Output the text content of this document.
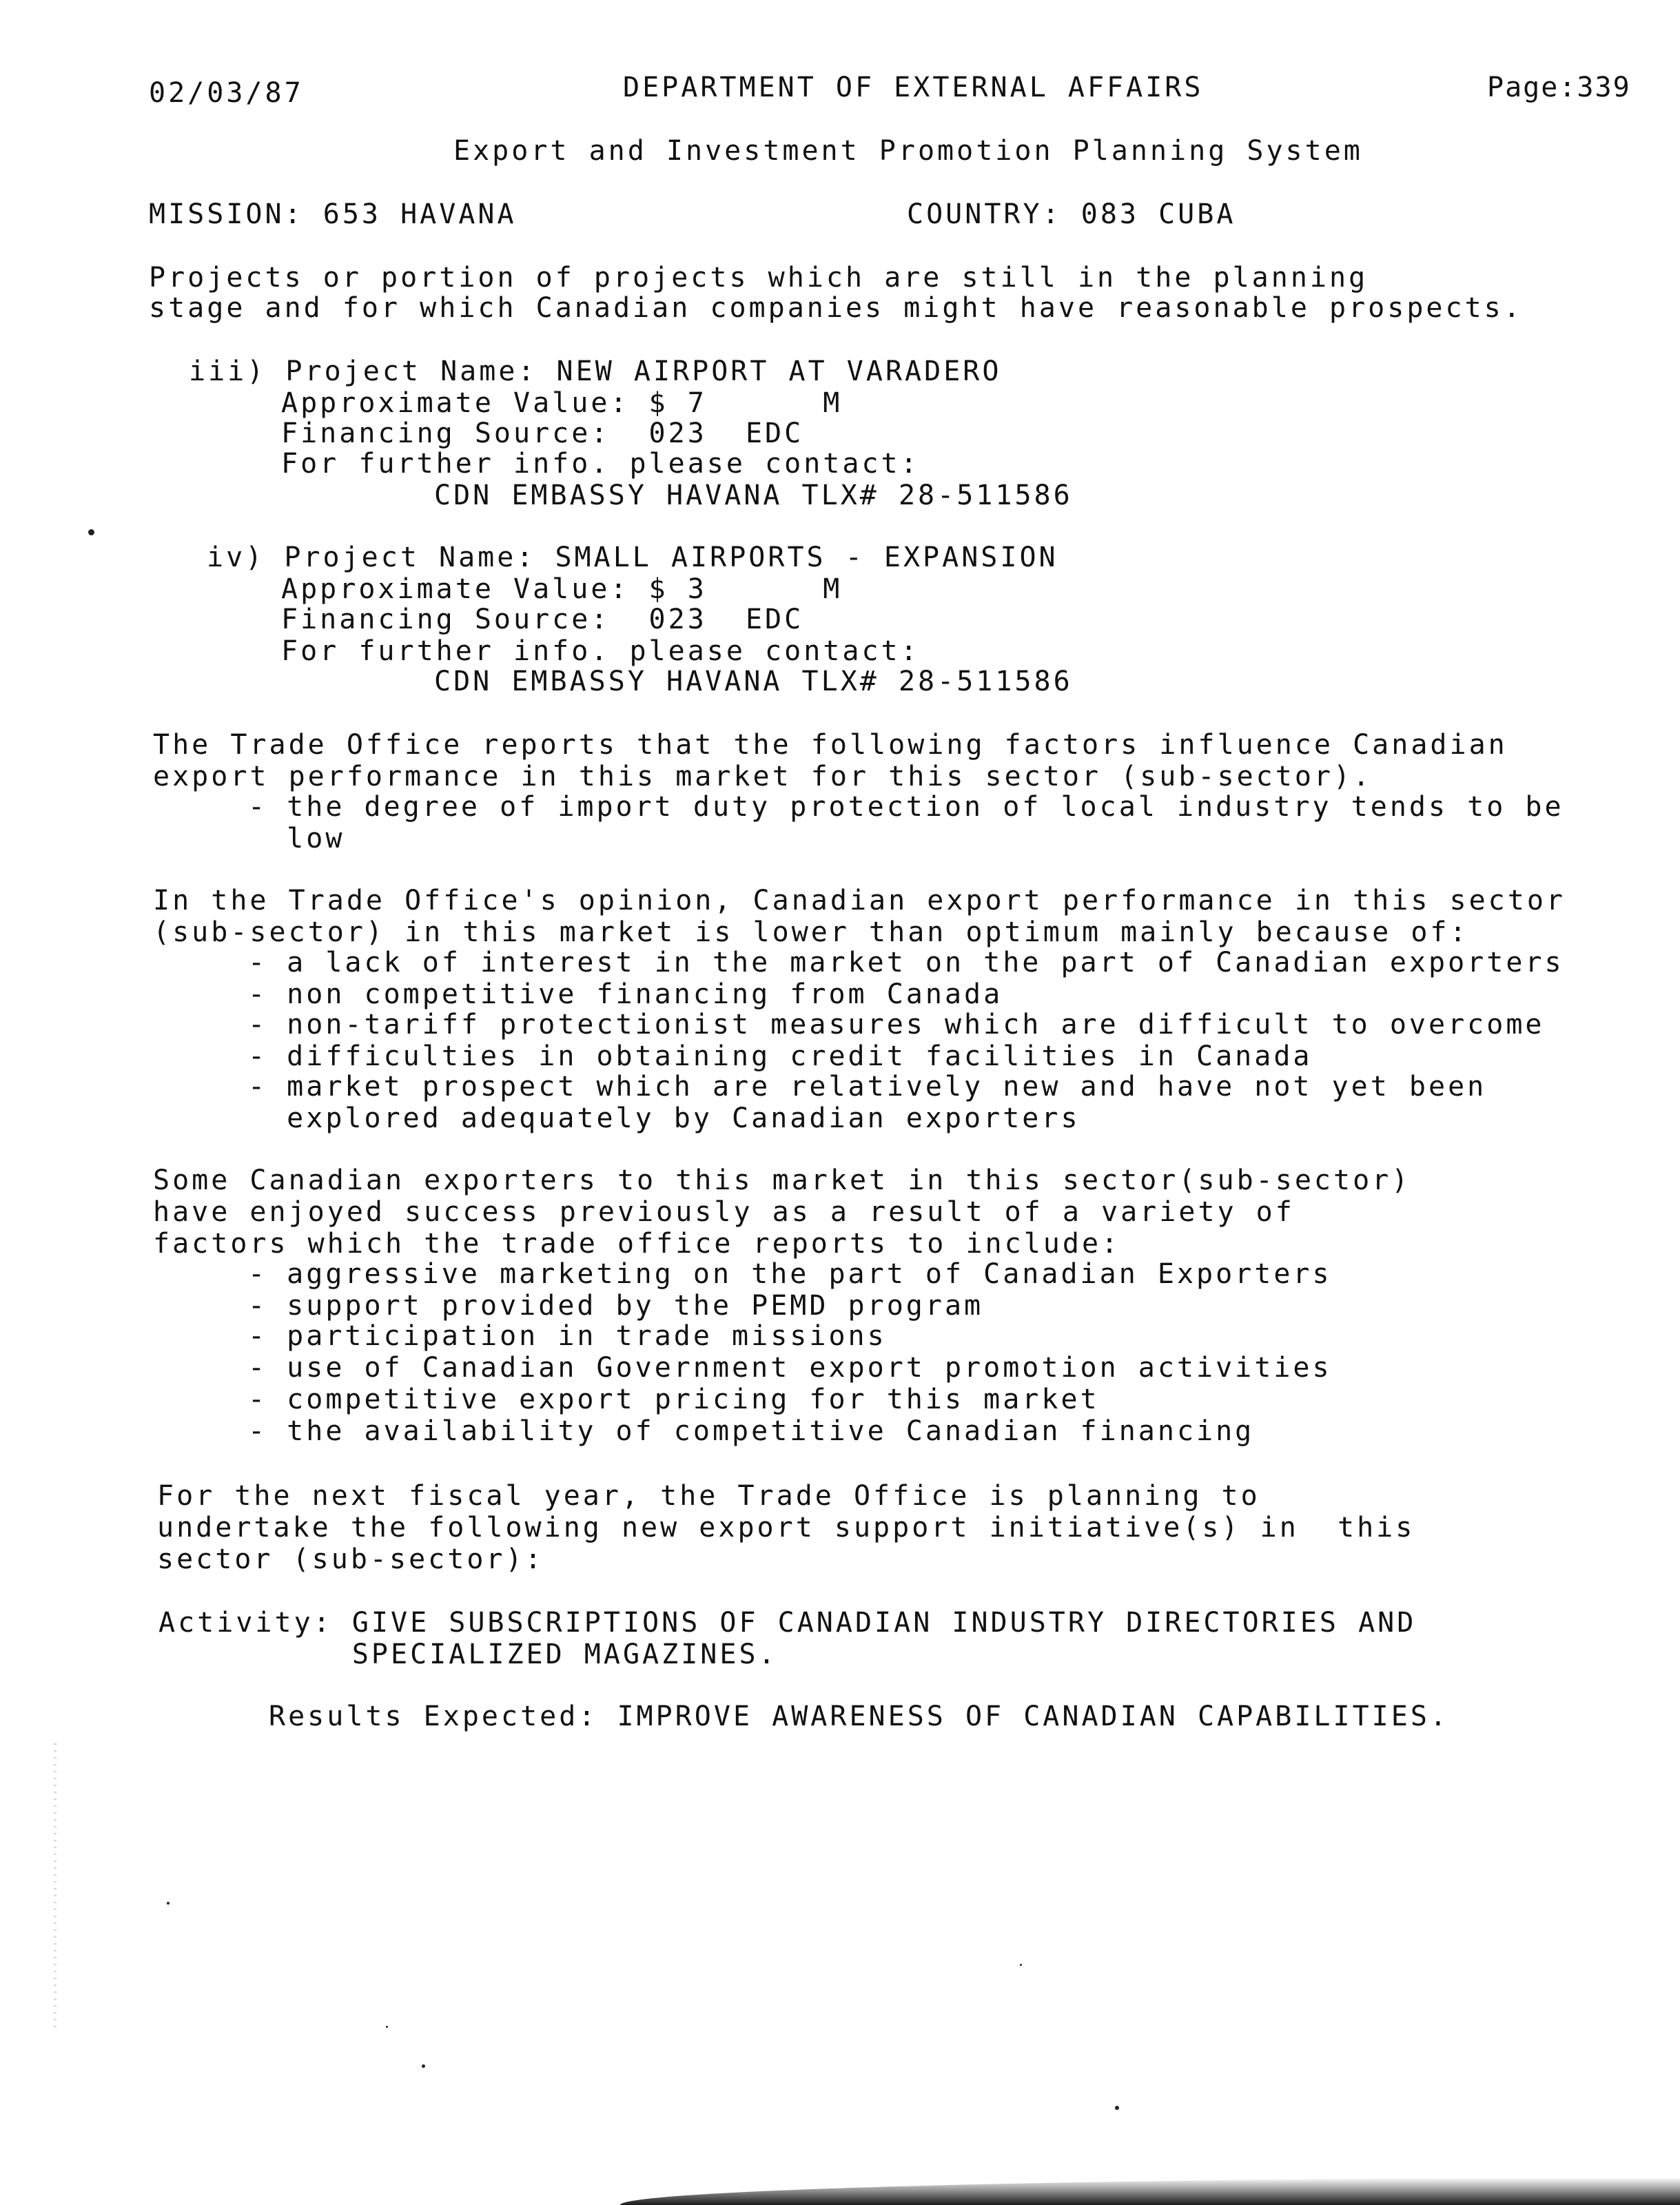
02/03/87	DEPARTMENT OF EXTERNAL AFFAIRS	Page:339
Export and Investment Promotion Planning System
MISSION: 653 HAVANA	COUNTRY: 083 CUBA
Projects or portion of projects which are still in the planning
stage and for which Canadian companies might have reasonable prospects.
iii) Project Name: NEW AIRPORT AT VARADERO
Approximate Value: $ 7      M
Financing Source:  023  EDC
For further info. please contact:
CDN EMBASSY HAVANA TLX# 28-511586
iv) Project Name: SMALL AIRPORTS - EXPANSION
Approximate Value: $ 3      M
Financing Source:  023  EDC
For further info. please contact:
CDN EMBASSY HAVANA TLX# 28-511586
The Trade Office reports that the following factors influence Canadian
export performance in this market for this sector (sub-sector).
- the degree of import duty protection of local industry tends to be
low
In the Trade Office's opinion, Canadian export performance in this sector
(sub-sector) in this market is lower than optimum mainly because of:
- a lack of interest in the market on the part of Canadian exporters
- non competitive financing from Canada
- non-tariff protectionist measures which are difficult to overcome
- difficulties in obtaining credit facilities in Canada
- market prospect which are relatively new and have not yet been
explored adequately by Canadian exporters
Some Canadian exporters to this market in this sector(sub-sector)
have enjoyed success previously as a result of a variety of
factors which the trade office reports to include:
- aggressive marketing on the part of Canadian Exporters
- support provided by the PEMD program
- participation in trade missions
- use of Canadian Government export promotion activities
- competitive export pricing for this market
- the availability of competitive Canadian financing
For the next fiscal year, the Trade Office is planning to
undertake the following new export support initiative(s) in  this
sector (sub-sector):
Activity: GIVE SUBSCRIPTIONS OF CANADIAN INDUSTRY DIRECTORIES AND
SPECIALIZED MAGAZINES.
Results Expected: IMPROVE AWARENESS OF CANADIAN CAPABILITIES.
